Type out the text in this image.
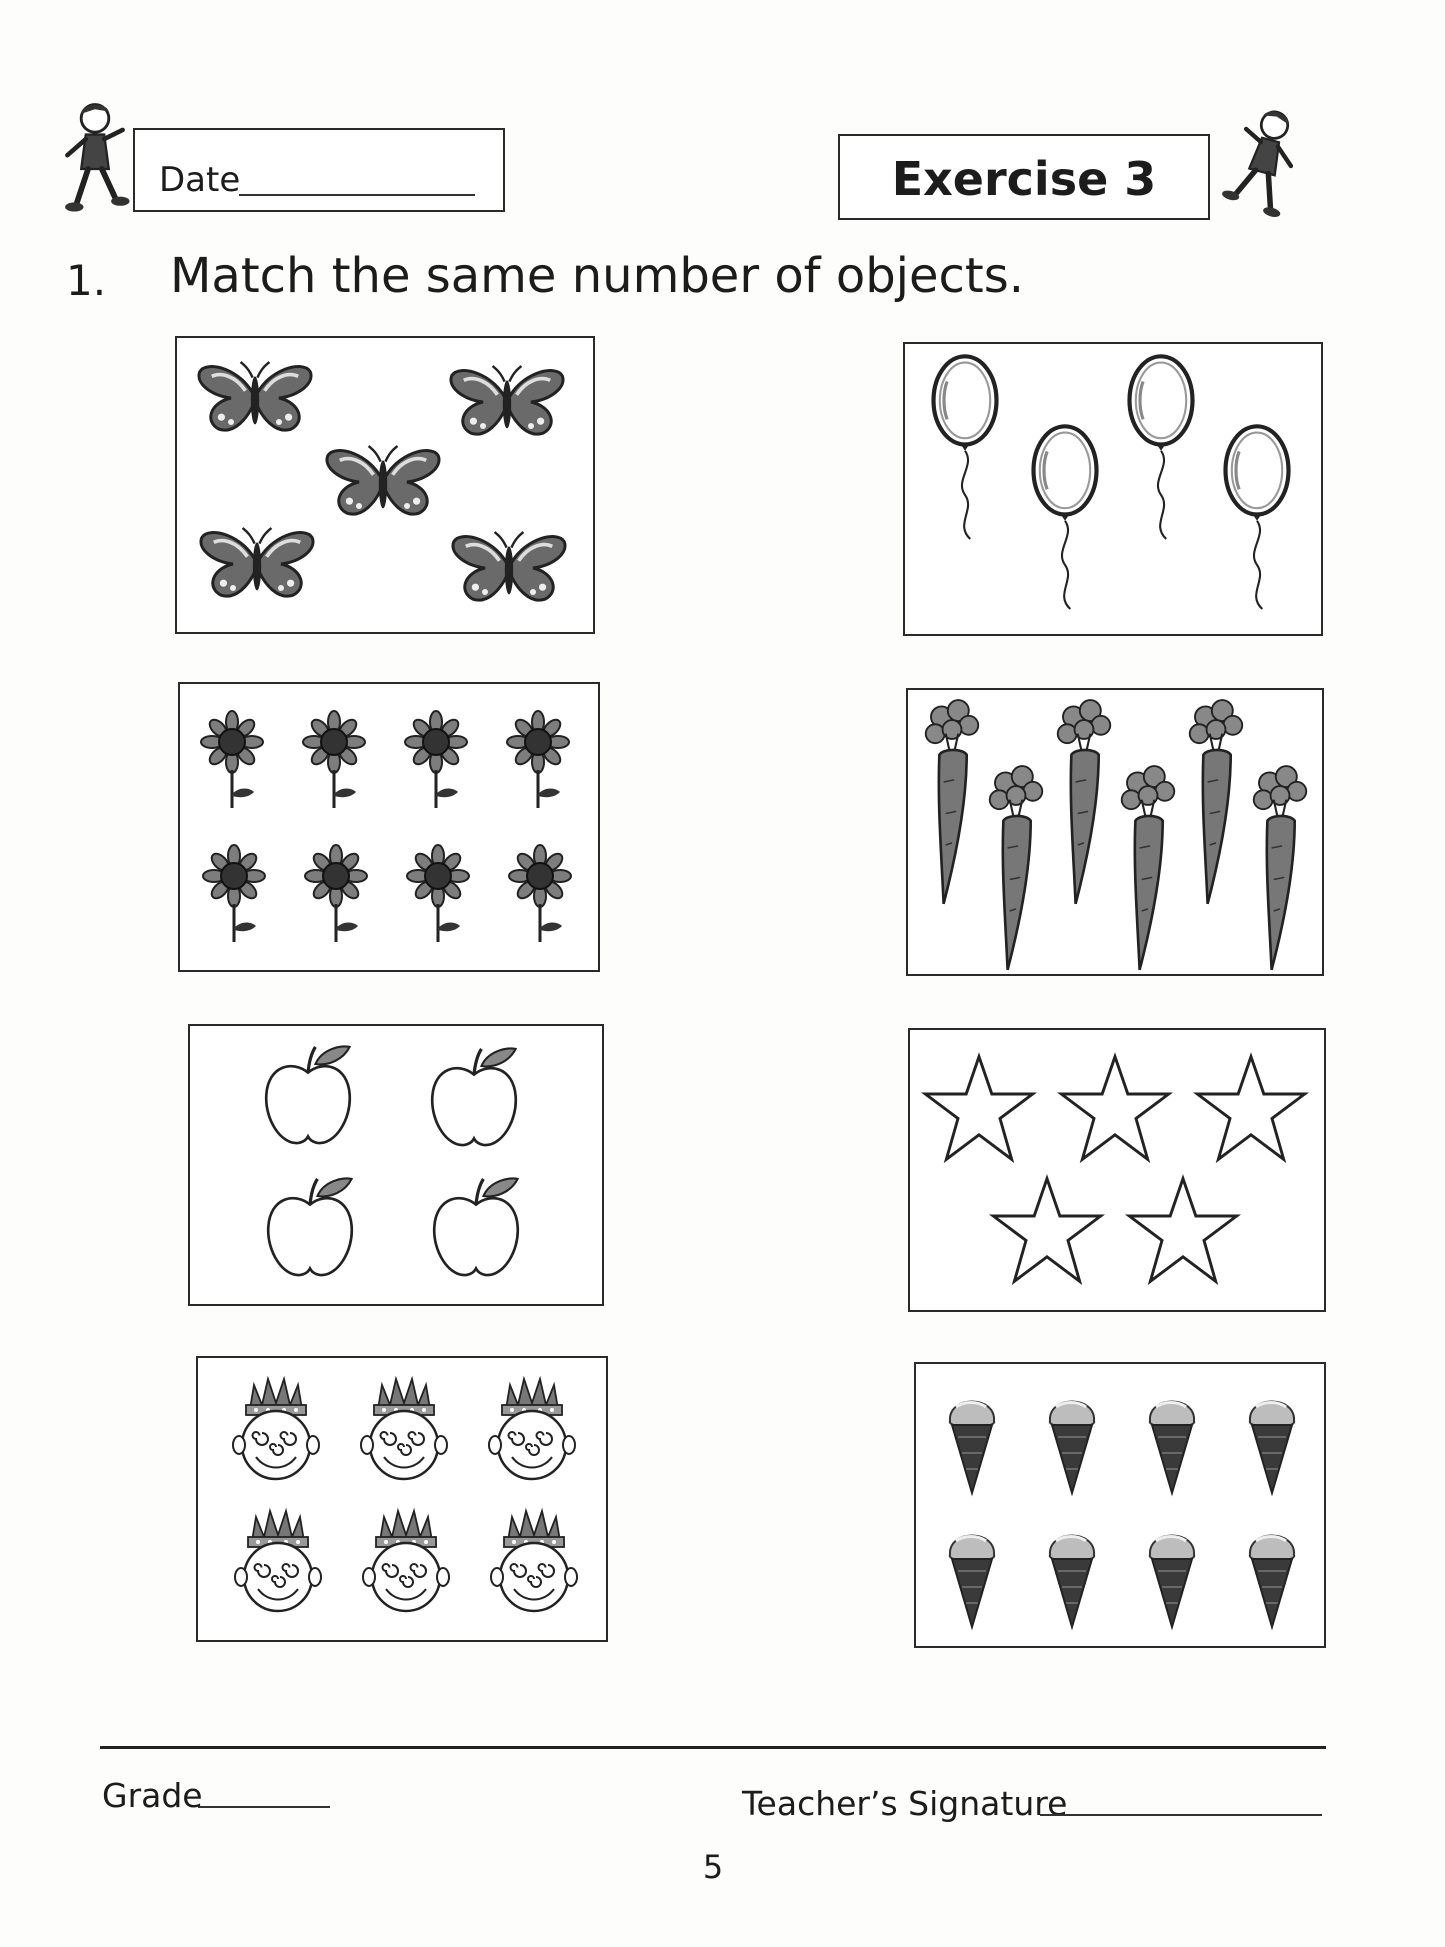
Date	Exercise 3
1. Match the same number of objects.
Grade	Teacher’s Signature
5
